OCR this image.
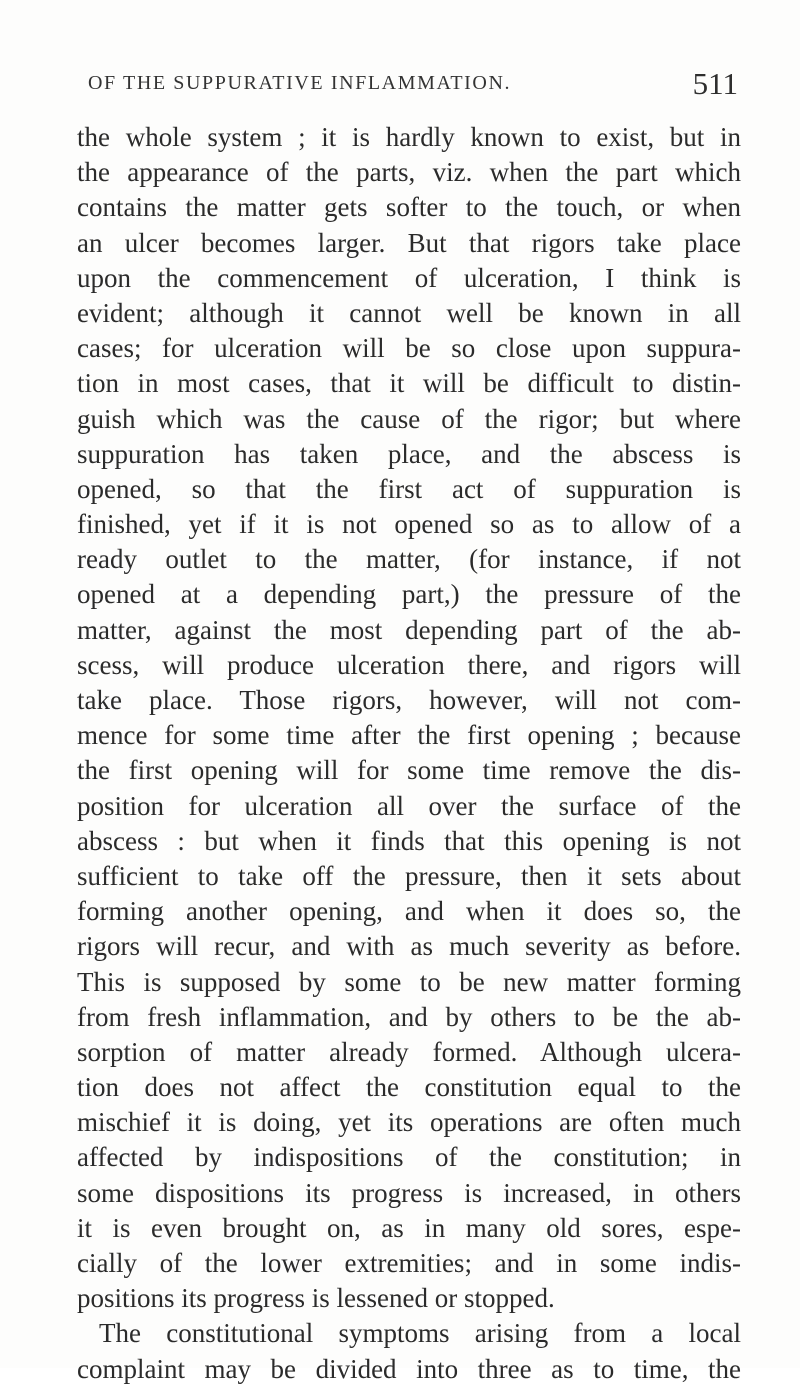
OF THE SUPPURATIVE INFLAMMATION.	511
the whole system ; it is hardly known to exist, but in
the appearance of the parts, viz. when the part which
contains the matter gets softer to the touch, or when
an ulcer becomes larger. But that rigors take place
upon the commencement of ulceration, I think is
evident; although it cannot well be known in all
cases; for ulceration will be so close upon suppura-
tion in most cases, that it will be difficult to distin-
guish which was the cause of the rigor; but where
suppuration has taken place, and the abscess is
opened, so that the first act of suppuration is
finished, yet if it is not opened so as to allow of a
ready outlet to the matter, (for instance, if not
opened at a depending part,) the pressure of the
matter, against the most depending part of the ab-
scess, will produce ulceration there, and rigors will
take place. Those rigors, however, will not com-
mence for some time after the first opening ; because
the first opening will for some time remove the dis-
position for ulceration all over the surface of the
abscess : but when it finds that this opening is not
sufficient to take off the pressure, then it sets about
forming another opening, and when it does so, the
rigors will recur, and with as much severity as before.
This is supposed by some to be new matter forming
from fresh inflammation, and by others to be the ab-
sorption of matter already formed. Although ulcera-
tion does not affect the constitution equal to the
mischief it is doing, yet its operations are often much
affected by indispositions of the constitution; in
some dispositions its progress is increased, in others
it is even brought on, as in many old sores, espe-
cially of the lower extremities; and in some indis-
positions its progress is lessened or stopped.
The constitutional symptoms arising from a local
complaint may be divided into three as to time, the
